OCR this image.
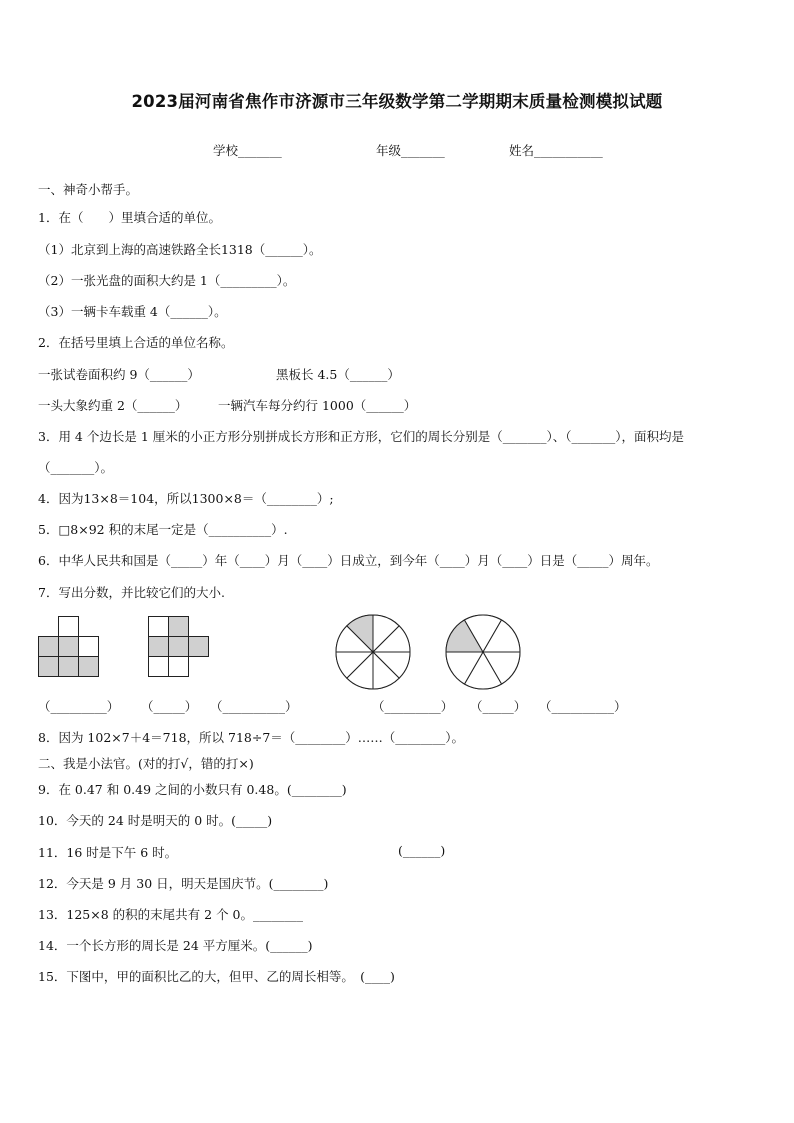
2023届河南省焦作市济源市三年级数学第二学期期末质量检测模拟试题
学校_______	年级_______	姓名___________
一、神奇小帮手。
1．在（　　）里填合适的单位。
（1）北京到上海的高速铁路全长1318（______）。
（2）一张光盘的面积大约是 1（_________）。
（3）一辆卡车载重 4（______）。
2．在括号里填上合适的单位名称。
一张试卷面积约 9（______）	黑板长 4.5（______）
一头大象约重 2（______） 一辆汽车每分约行 1000（______）
3．用 4 个边长是 1 厘米的小正方形分别拼成长方形和正方形，它们的周长分别是（_______）、（_______），面积均是
（_______）。
4．因为13×8＝104，所以1300×8＝（________）;
5．□8×92 积的末尾一定是（__________）.
6．中华人民共和国是（_____）年（____）月（____）日成立，到今年（____）月（____）日是（_____）周年。
7．写出分数，并比较它们的大小.
（_________） （_____） （__________）	（_________） （_____） （__________）
8．因为 102×7＋4＝718，所以 718÷7＝（________）……（________）。
二、我是小法官。(对的打√，错的打×)
9．在 0.47 和 0.49 之间的小数只有 0.48。(________)
10．今天的 24 时是明天的 0 时。(_____)
11．16 时是下午 6 时。	(______)
12．今天是 9 月 30 日，明天是国庆节。(________)
13．125×8 的积的末尾共有 2 个 0。________
14．一个长方形的周长是 24 平方厘米。(______)
15．下图中，甲的面积比乙的大，但甲、乙的周长相等。　(____)
